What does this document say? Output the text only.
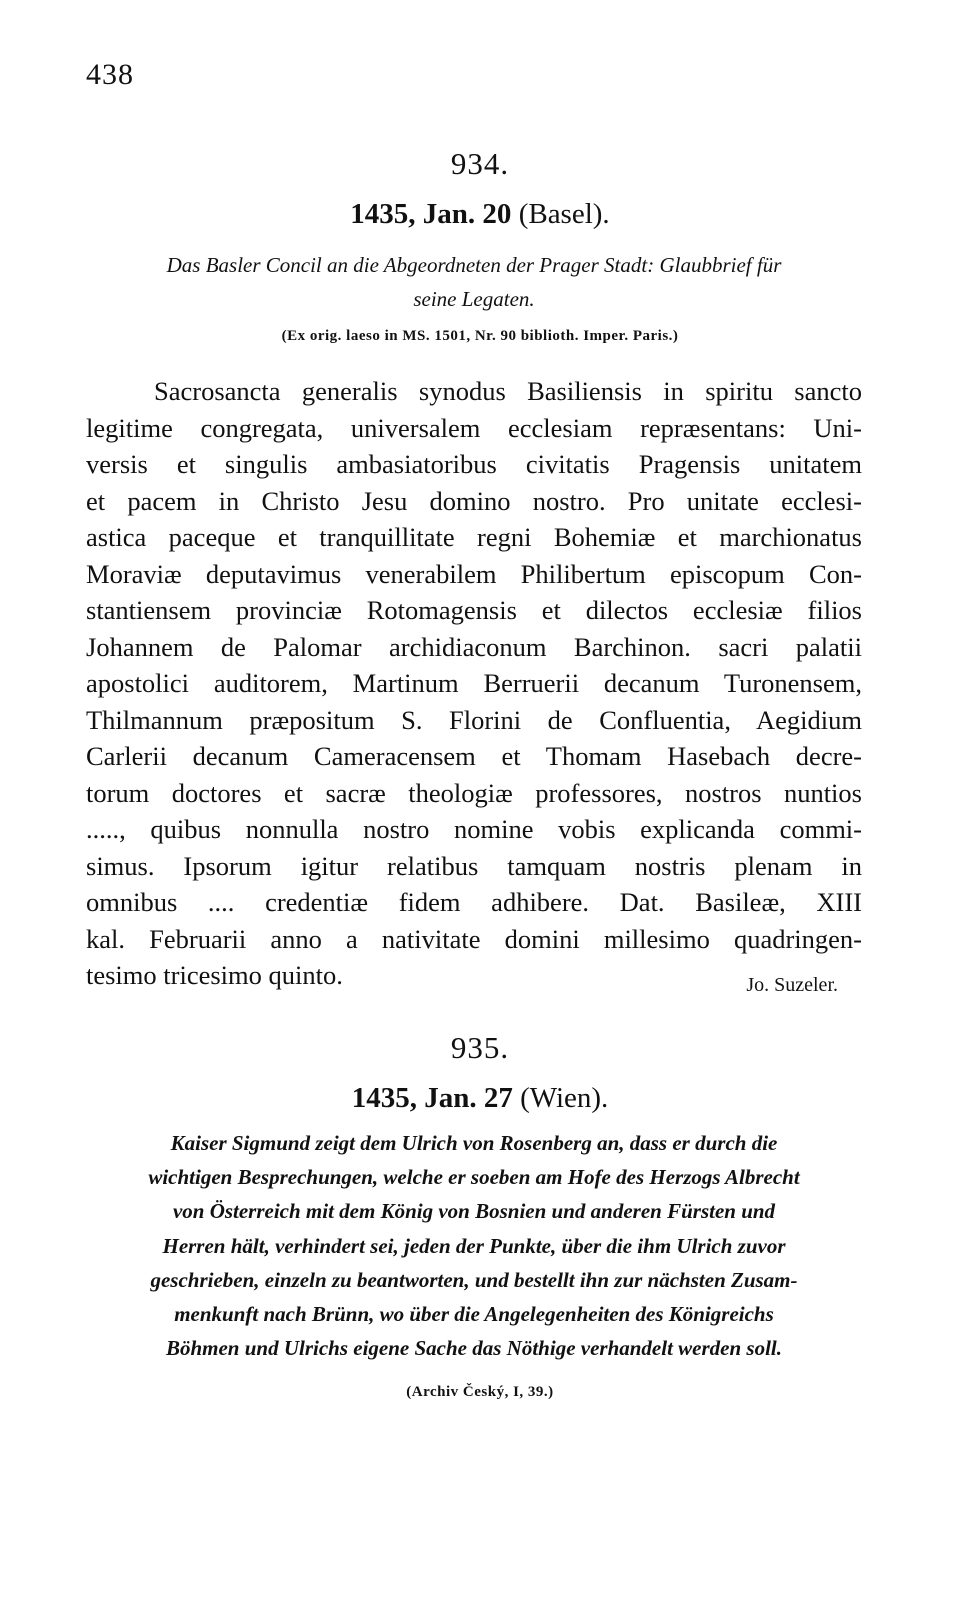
438
934.
1435, Jan. 20 (Basel).
Das Basler Concil an die Abgeordneten der Prager Stadt: Glaubbrief für
seine Legaten.
(Ex orig. laeso in MS. 1501, Nr. 90 biblioth. Imper. Paris.)
Sacrosancta generalis synodus Basiliensis in spiritu sancto
legitime congregata, universalem ecclesiam repræsentans: Uni-
versis et singulis ambasiatoribus civitatis Pragensis unitatem
et pacem in Christo Jesu domino nostro. Pro unitate ecclesi-
astica paceque et tranquillitate regni Bohemiæ et marchionatus
Moraviæ deputavimus venerabilem Philibertum episcopum Con-
stantiensem provinciæ Rotomagensis et dilectos ecclesiæ filios
Johannem de Palomar archidiaconum Barchinon. sacri palatii
apostolici auditorem, Martinum Berruerii decanum Turonensem,
Thilmannum præpositum S. Florini de Confluentia, Aegidium
Carlerii decanum Cameracensem et Thomam Hasebach decre-
torum doctores et sacræ theologiæ professores, nostros nuntios
....., quibus nonnulla nostro nomine vobis explicanda commi-
simus. Ipsorum igitur relatibus tamquam nostris plenam in
omnibus .... credentiæ fidem adhibere. Dat. Basileæ, XIII
kal. Februarii anno a nativitate domini millesimo quadringen-
tesimo tricesimo quinto.	Jo. Suzeler.
935.
1435, Jan. 27 (Wien).
Kaiser Sigmund zeigt dem Ulrich von Rosenberg an, dass er durch die
wichtigen Besprechungen, welche er soeben am Hofe des Herzogs Albrecht
von Österreich mit dem König von Bosnien und anderen Fürsten und
Herren hält, verhindert sei, jeden der Punkte, über die ihm Ulrich zuvor
geschrieben, einzeln zu beantworten, und bestellt ihn zur nächsten Zusam-
menkunft nach Brünn, wo über die Angelegenheiten des Königreichs
Böhmen und Ulrichs eigene Sache das Nöthige verhandelt werden soll.
(Archiv Český, I, 39.)
